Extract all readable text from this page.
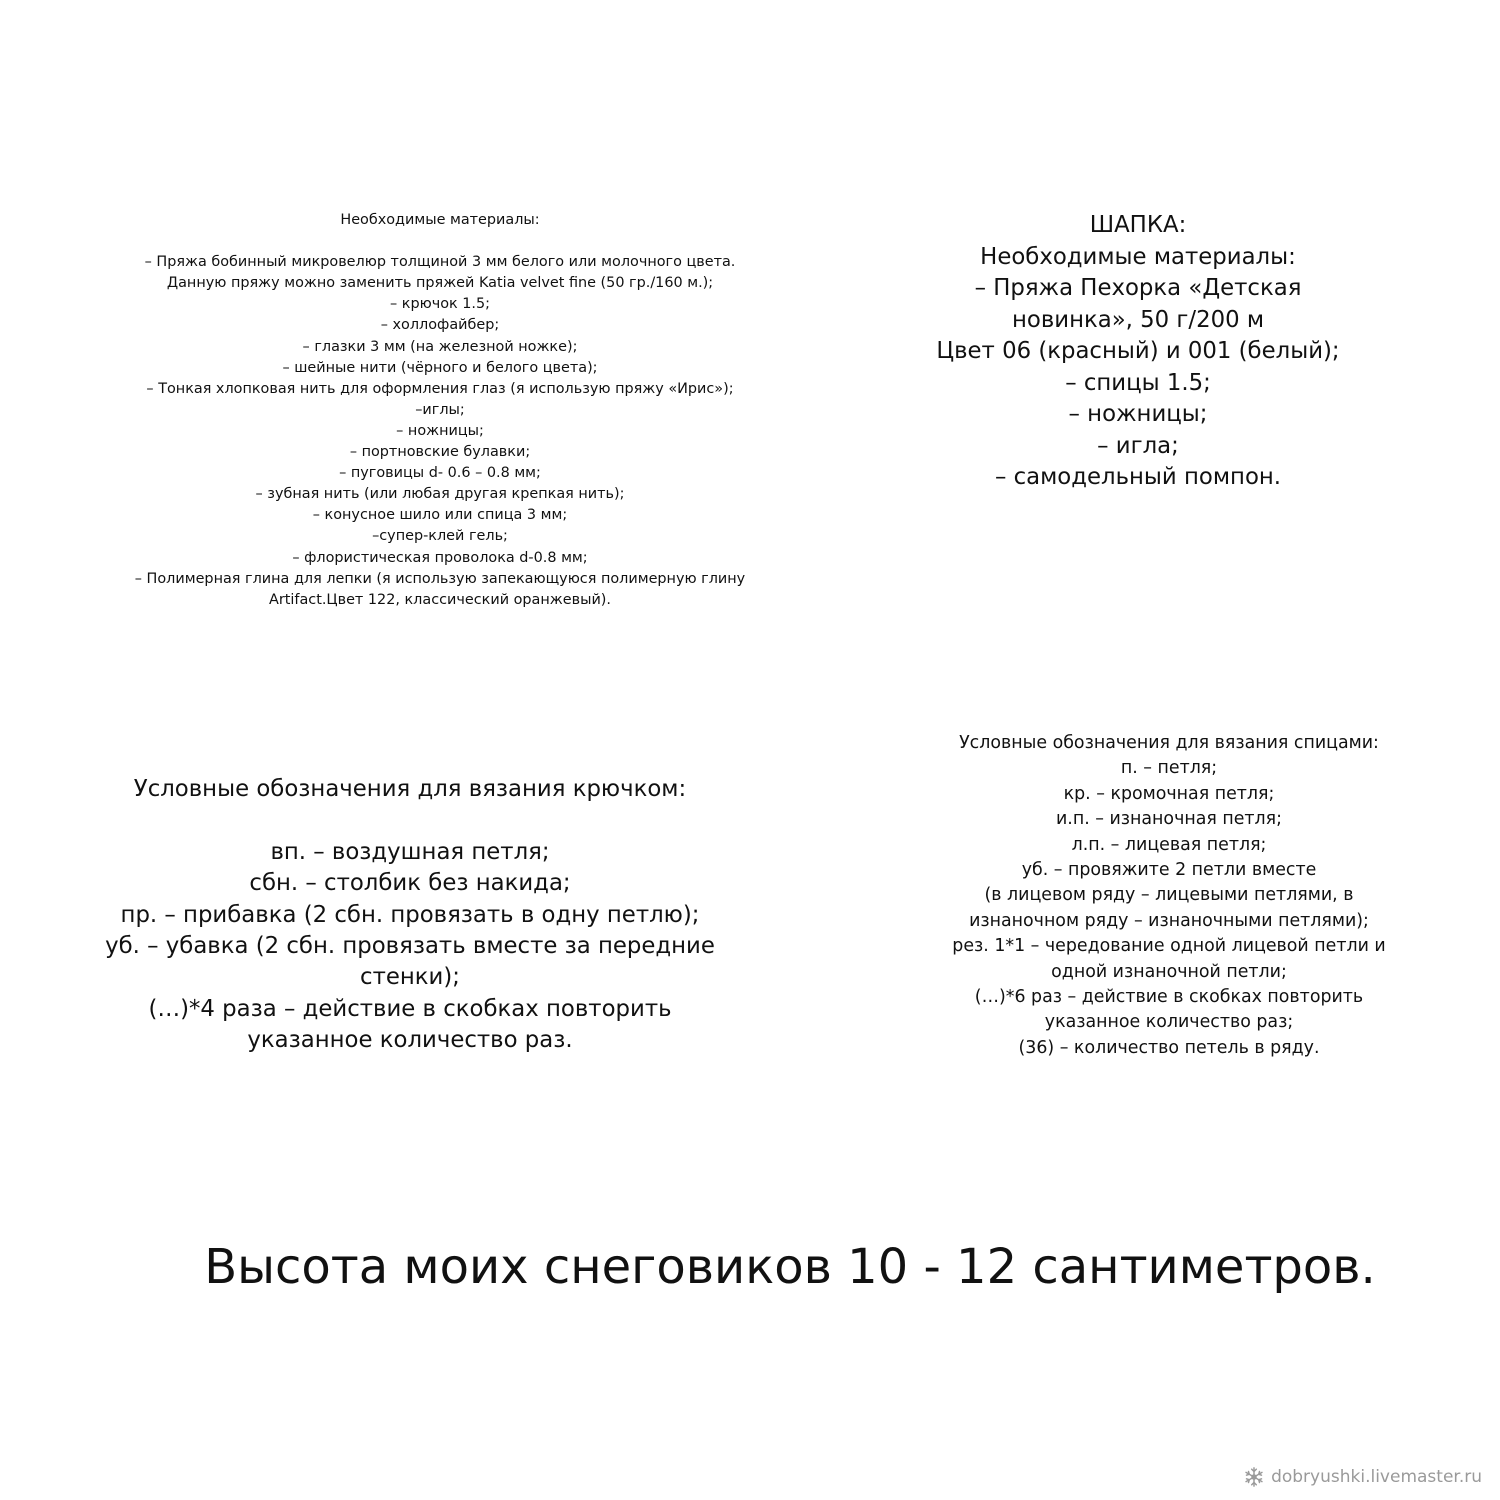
Необходимые материалы:
– Пряжа бобинный микровелюр толщиной 3 мм белого или молочного цвета.
Данную пряжу можно заменить пряжей Katia velvet fine (50 гр./160 м.);
– крючок 1.5;
– холлофайбер;
– глазки 3 мм (на железной ножке);
– шейные нити (чёрного и белого цвета);
– Тонкая хлопковая нить для оформления глаз (я использую пряжу «Ирис»);
–иглы;
– ножницы;
– портновские булавки;
– пуговицы d- 0.6 – 0.8 мм;
– зубная нить (или любая другая крепкая нить);
– конусное шило или спица 3 мм;
–супер-клей гель;
– флористическая проволока d-0.8 мм;
– Полимерная глина для лепки (я использую запекающуюся полимерную глину
Artifact.Цвет 122, классический оранжевый).
ШАПКА:
Необходимые материалы:
– Пряжа Пехорка «Детская
новинка», 50 г/200 м
Цвет 06 (красный) и 001 (белый);
– спицы 1.5;
– ножницы;
– игла;
– самодельный помпон.
Условные обозначения для вязания крючком:
вп. – воздушная петля;
сбн. – столбик без накида;
пр. – прибавка (2 сбн. провязать в одну петлю);
уб. – убавка (2 сбн. провязать вместе за передние
стенки);
(…)*4 раза – действие в скобках повторить
указанное количество раз.
Условные обозначения для вязания спицами:
п. – петля;
кр. – кромочная петля;
и.п. – изнаночная петля;
л.п. – лицевая петля;
уб. – провяжите 2 петли вместе
(в лицевом ряду – лицевыми петлями, в
изнаночном ряду – изнаночными петлями);
рез. 1*1 – чередование одной лицевой петли и
одной изнаночной петли;
(…)*6 раз – действие в скобках повторить
указанное количество раз;
(36) – количество петель в ряду.
Высота моих снеговиков 10 - 12 сантиметров.
dobryushki.livemaster.ru
